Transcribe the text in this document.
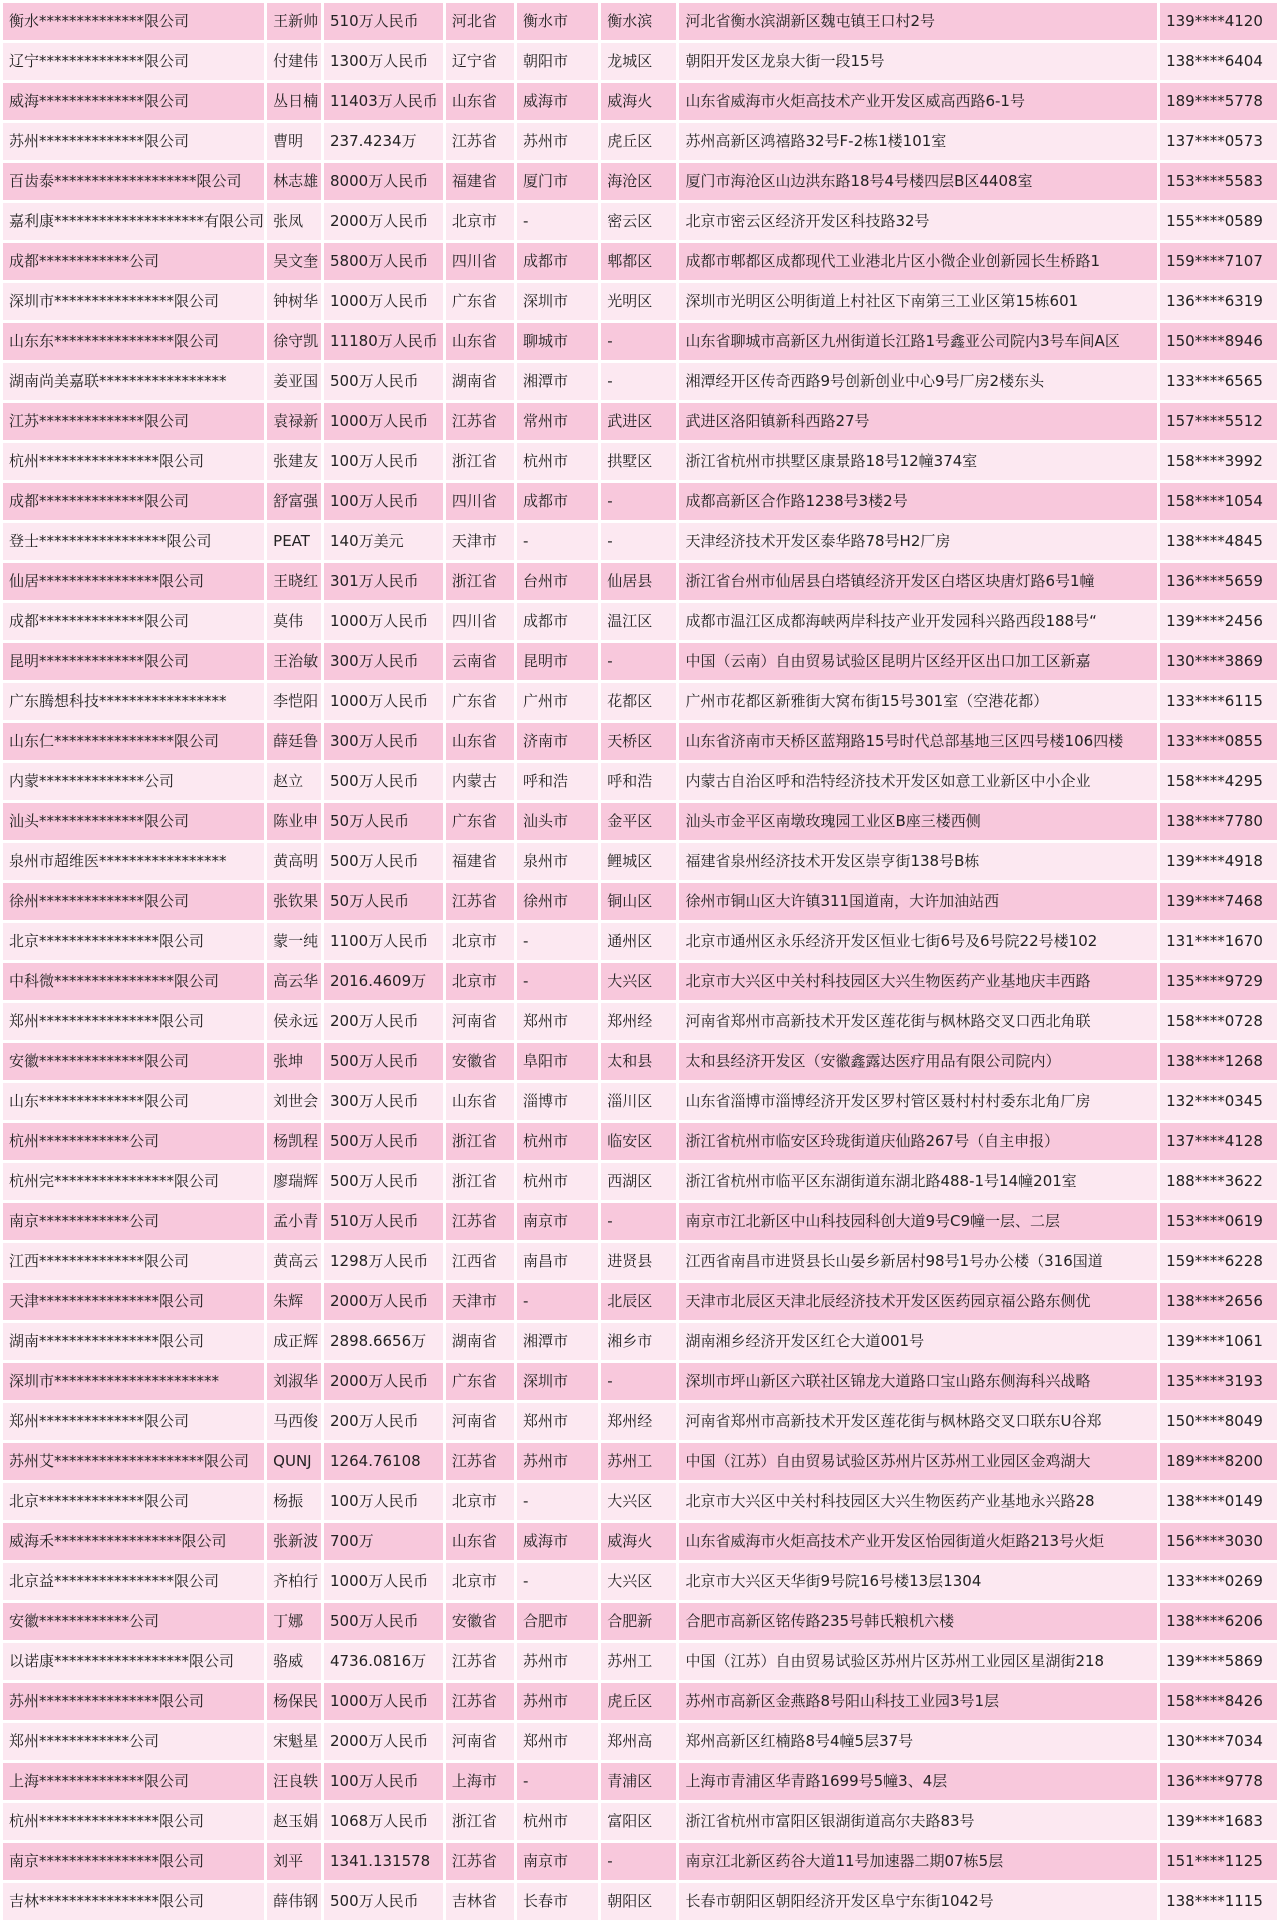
衡水**************限公司	王新帅	510万人民币	河北省	衡水市	衡水滨	河北省衡水滨湖新区魏屯镇王口村2号	139****4120
辽宁**************限公司	付建伟	1300万人民币	辽宁省	朝阳市	龙城区	朝阳开发区龙泉大街一段15号	138****6404
威海**************限公司	丛日楠	11403万人民币	山东省	威海市	威海火	山东省威海市火炬高技术产业开发区威高西路6-1号	189****5778
苏州**************限公司	曹明	237.4234万	江苏省	苏州市	虎丘区	苏州高新区鸿禧路32号F-2栋1楼101室	137****0573
百齿泰*******************限公司	林志雄	8000万人民币	福建省	厦门市	海沧区	厦门市海沧区山边洪东路18号4号楼四层B区4408室	153****5583
嘉利康********************有限公司	张凤	2000万人民币	北京市	-	密云区	北京市密云区经济开发区科技路32号	155****0589
成都************公司	吴文奎	5800万人民币	四川省	成都市	郫都区	成都市郫都区成都现代工业港北片区小微企业创新园长生桥路1	159****7107
深圳市****************限公司	钟树华	1000万人民币	广东省	深圳市	光明区	深圳市光明区公明街道上村社区下南第三工业区第15栋601	136****6319
山东东****************限公司	徐守凯	11180万人民币	山东省	聊城市	-	山东省聊城市高新区九州街道长江路1号鑫亚公司院内3号车间A区	150****8946
湖南尚美嘉联*****************	姜亚国	500万人民币	湖南省	湘潭市	-	湘潭经开区传奇西路9号创新创业中心9号厂房2楼东头	133****6565
江苏**************限公司	袁禄新	1000万人民币	江苏省	常州市	武进区	武进区洛阳镇新科西路27号	157****5512
杭州****************限公司	张建友	100万人民币	浙江省	杭州市	拱墅区	浙江省杭州市拱墅区康景路18号12幢374室	158****3992
成都**************限公司	舒富强	100万人民币	四川省	成都市	-	成都高新区合作路1238号3楼2号	158****1054
登士*****************限公司	PEAT	140万美元	天津市	-	-	天津经济技术开发区泰华路78号H2厂房	138****4845
仙居****************限公司	王晓红	301万人民币	浙江省	台州市	仙居县	浙江省台州市仙居县白塔镇经济开发区白塔区块唐灯路6号1幢	136****5659
成都**************限公司	莫伟	1000万人民币	四川省	成都市	温江区	成都市温江区成都海峡两岸科技产业开发园科兴路西段188号“	139****2456
昆明**************限公司	王治敏	300万人民币	云南省	昆明市	-	中国（云南）自由贸易试验区昆明片区经开区出口加工区新嘉	130****3869
广东腾想科技*****************	李恺阳	1000万人民币	广东省	广州市	花都区	广州市花都区新雅街大窝布街15号301室（空港花都）	133****6115
山东仁****************限公司	薛廷鲁	300万人民币	山东省	济南市	天桥区	山东省济南市天桥区蓝翔路15号时代总部基地三区四号楼106四楼	133****0855
内蒙**************公司	赵立	500万人民币	内蒙古	呼和浩	呼和浩	内蒙古自治区呼和浩特经济技术开发区如意工业新区中小企业	158****4295
汕头**************限公司	陈业申	50万人民币	广东省	汕头市	金平区	汕头市金平区南墩玫瑰园工业区B座三楼西侧	138****7780
泉州市超维医*****************	黄高明	500万人民币	福建省	泉州市	鲤城区	福建省泉州经济技术开发区崇亨街138号B栋	139****4918
徐州**************限公司	张钦果	50万人民币	江苏省	徐州市	铜山区	徐州市铜山区大许镇311国道南，大许加油站西	139****7468
北京****************限公司	蒙一纯	1100万人民币	北京市	-	通州区	北京市通州区永乐经济开发区恒业七街6号及6号院22号楼102	131****1670
中科微****************限公司	高云华	2016.4609万	北京市	-	大兴区	北京市大兴区中关村科技园区大兴生物医药产业基地庆丰西路	135****9729
郑州****************限公司	侯永远	200万人民币	河南省	郑州市	郑州经	河南省郑州市高新技术开发区莲花街与枫林路交叉口西北角联	158****0728
安徽**************限公司	张坤	500万人民币	安徽省	阜阳市	太和县	太和县经济开发区（安徽鑫露达医疗用品有限公司院内）	138****1268
山东**************限公司	刘世会	300万人民币	山东省	淄博市	淄川区	山东省淄博市淄博经济开发区罗村管区聂村村村委东北角厂房	132****0345
杭州************公司	杨凯程	500万人民币	浙江省	杭州市	临安区	浙江省杭州市临安区玲珑街道庆仙路267号（自主申报）	137****4128
杭州完****************限公司	廖瑞辉	500万人民币	浙江省	杭州市	西湖区	浙江省杭州市临平区东湖街道东湖北路488-1号14幢201室	188****3622
南京************公司	孟小青	510万人民币	江苏省	南京市	-	南京市江北新区中山科技园科创大道9号C9幢一层、二层	153****0619
江西**************限公司	黄高云	1298万人民币	江西省	南昌市	进贤县	江西省南昌市进贤县长山晏乡新居村98号1号办公楼（316国道	159****6228
天津****************限公司	朱辉	2000万人民币	天津市	-	北辰区	天津市北辰区天津北辰经济技术开发区医药园京福公路东侧优	138****2656
湖南****************限公司	成正辉	2898.6656万	湖南省	湘潭市	湘乡市	湖南湘乡经济开发区红仑大道001号	139****1061
深圳市**********************	刘淑华	2000万人民币	广东省	深圳市	-	深圳市坪山新区六联社区锦龙大道路口宝山路东侧海科兴战略	135****3193
郑州**************限公司	马西俊	200万人民币	河南省	郑州市	郑州经	河南省郑州市高新技术开发区莲花街与枫林路交叉口联东U谷郑	150****8049
苏州艾********************限公司	QUNJ	1264.76108	江苏省	苏州市	苏州工	中国（江苏）自由贸易试验区苏州片区苏州工业园区金鸡湖大	189****8200
北京**************限公司	杨振	100万人民币	北京市	-	大兴区	北京市大兴区中关村科技园区大兴生物医药产业基地永兴路28	138****0149
威海禾*****************限公司	张新波	700万	山东省	威海市	威海火	山东省威海市火炬高技术产业开发区怡园街道火炬路213号火炬	156****3030
北京益****************限公司	齐柏行	1000万人民币	北京市	-	大兴区	北京市大兴区天华街9号院16号楼13层1304	133****0269
安徽************公司	丁娜	500万人民币	安徽省	合肥市	合肥新	合肥市高新区铭传路235号韩氏粮机六楼	138****6206
以诺康******************限公司	骆威	4736.0816万	江苏省	苏州市	苏州工	中国（江苏）自由贸易试验区苏州片区苏州工业园区星湖街218	139****5869
苏州****************限公司	杨保民	1000万人民币	江苏省	苏州市	虎丘区	苏州市高新区金燕路8号阳山科技工业园3号1层	158****8426
郑州************公司	宋魁星	2000万人民币	河南省	郑州市	郑州高	郑州高新区红楠路8号4幢5层37号	130****7034
上海**************限公司	汪良轶	100万人民币	上海市	-	青浦区	上海市青浦区华青路1699号5幢3、4层	136****9778
杭州****************限公司	赵玉娟	1068万人民币	浙江省	杭州市	富阳区	浙江省杭州市富阳区银湖街道高尔夫路83号	139****1683
南京****************限公司	刘平	1341.131578	江苏省	南京市	-	南京江北新区药谷大道11号加速器二期07栋5层	151****1125
吉林****************限公司	薛伟钢	500万人民币	吉林省	长春市	朝阳区	长春市朝阳区朝阳经济开发区阜宁东街1042号	138****1115
